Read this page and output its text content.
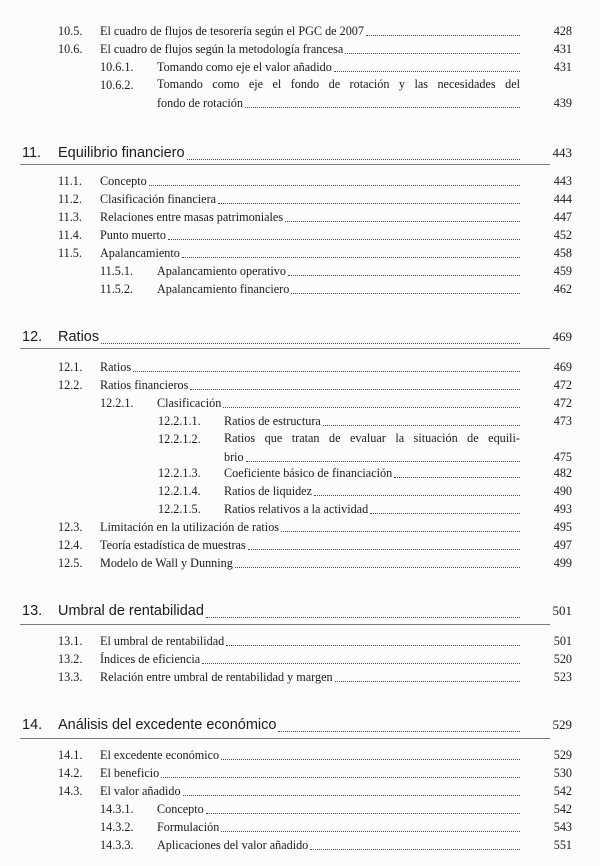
10.5. El cuadro de flujos de tesorería según el PGC de 2007	428
10.6. El cuadro de flujos según la metodología francesa	431
10.6.1. Tomando como eje el valor añadido	431
10.6.2. Tomando como eje el fondo de rotación y las necesidades del
fondo de rotación	439
11. Equilibrio financiero	443
11.1. Concepto	443
11.2. Clasificación financiera	444
11.3. Relaciones entre masas patrimoniales	447
11.4. Punto muerto	452
11.5. Apalancamiento	458
11.5.1. Apalancamiento operativo	459
11.5.2. Apalancamiento financiero	462
12. Ratios	469
12.1. Ratios	469
12.2. Ratios financieros	472
12.2.1. Clasificación	472
12.2.1.1. Ratios de estructura	473
12.2.1.2. Ratios que tratan de evaluar la situación de equili-
brio	475
12.2.1.3. Coeficiente básico de financiación	482
12.2.1.4. Ratios de liquidez	490
12.2.1.5. Ratios relativos a la actividad	493
12.3. Limitación en la utilización de ratios	495
12.4. Teoría estadística de muestras	497
12.5. Modelo de Wall y Dunning	499
13. Umbral de rentabilidad	501
13.1. El umbral de rentabilidad	501
13.2. Índices de eficiencia	520
13.3. Relación entre umbral de rentabilidad y margen	523
14. Análisis del excedente económico	529
14.1. El excedente económico	529
14.2. El beneficio	530
14.3. El valor añadido	542
14.3.1. Concepto	542
14.3.2. Formulación	543
14.3.3. Aplicaciones del valor añadido	551
